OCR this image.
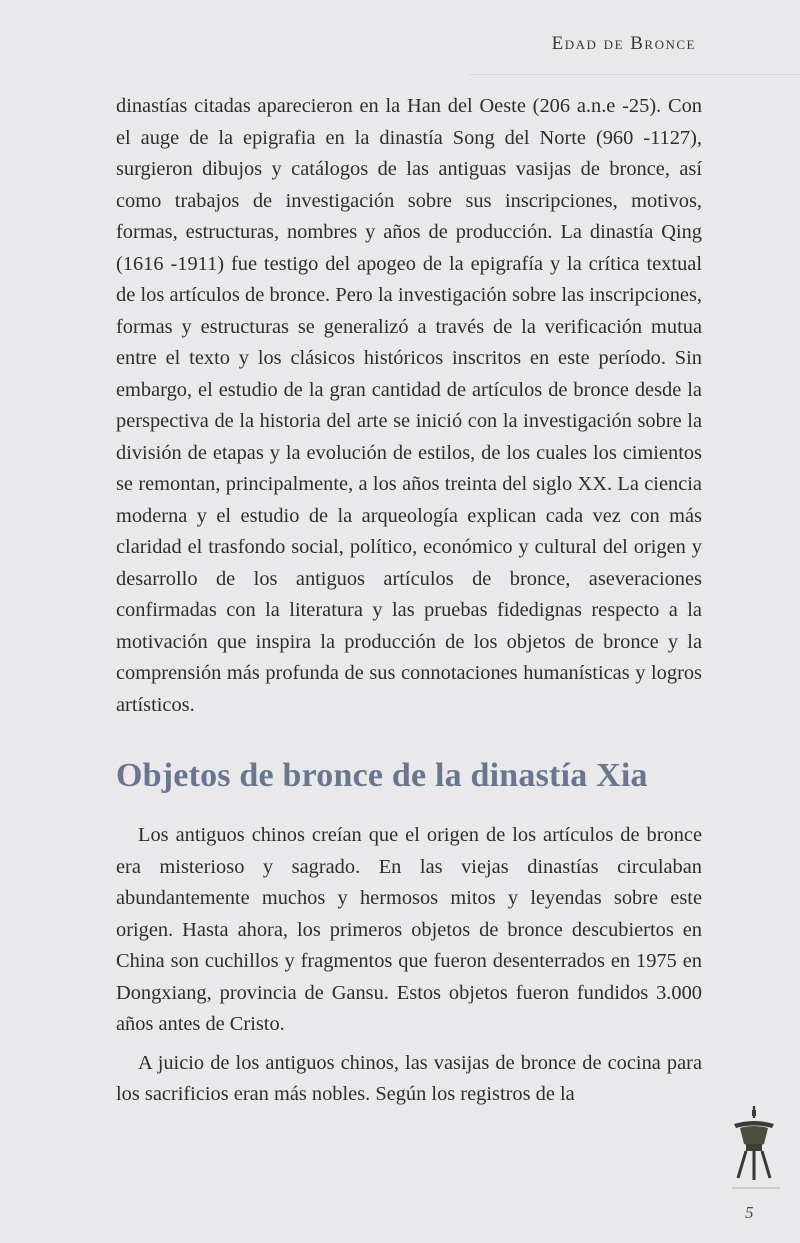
Edad de Bronce

dinastías citadas aparecieron en la Han del Oeste (206 a.n.e -25). Con el auge de la epigrafia en la dinastía Song del Norte (960 -1127), surgieron dibujos y catálogos de las antiguas vasijas de bronce, así como trabajos de investigación sobre sus inscripciones, motivos, formas, estructuras, nombres y años de producción. La dinastía Qing (1616 -1911) fue testigo del apogeo de la epigrafía y la crítica textual de los artículos de bronce. Pero la investigación sobre las inscripciones, formas y estructuras se generalizó a través de la verificación mutua entre el texto y los clásicos históricos inscritos en este período. Sin embargo, el estudio de la gran cantidad de artículos de bronce desde la perspectiva de la historia del arte se inició con la investigación sobre la división de etapas y la evolución de estilos, de los cuales los cimientos se remontan, principalmente, a los años treinta del siglo XX. La ciencia moderna y el estudio de la arqueología explican cada vez con más claridad el trasfondo social, político, económico y cultural del origen y desarrollo de los antiguos artículos de bronce, aseveraciones confirmadas con la literatura y las pruebas fidedignas respecto a la motivación que inspira la producción de los objetos de bronce y la comprensión más profunda de sus connotaciones humanísticas y logros artísticos.

Objetos de bronce de la dinastía Xia

Los antiguos chinos creían que el origen de los artículos de bronce era misterioso y sagrado. En las viejas dinastías circulaban abundantemente muchos y hermosos mitos y leyendas sobre este origen. Hasta ahora, los primeros objetos de bronce descubiertos en China son cuchillos y fragmentos que fueron desenterrados en 1975 en Dongxiang, provincia de Gansu. Estos objetos fueron fundidos 3.000 años antes de Cristo.

A juicio de los antiguos chinos, las vasijas de bronce de cocina para los sacrificios eran más nobles. Según los registros de la

5
